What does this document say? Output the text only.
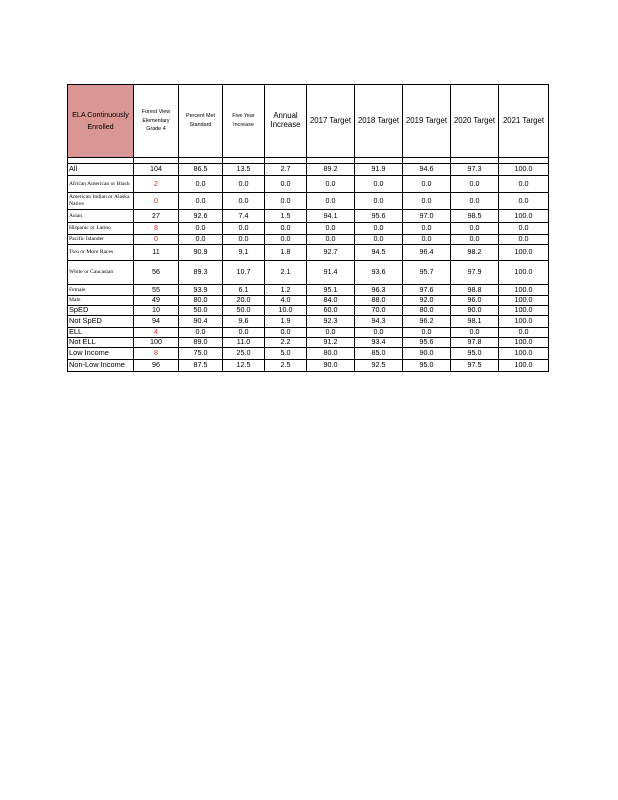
ELA Continuously Enrolled	Forest View Elementary Grade 4	Percent Met Standard	Five Year Increase	Annual Increase	2017 Target	2018 Target	2019 Target	2020 Target	2021 Target

All	104	86.5	13.5	2.7	89.2	91.9	94.6	97.3	100.0
African American or Black	2	0.0	0.0	0.0	0.0	0.0	0.0	0.0	0.0
American Indian or Alaska Native	0	0.0	0.0	0.0	0.0	0.0	0.0	0.0	0.0
Asian	27	92.6	7.4	1.5	94.1	95.6	97.0	98.5	100.0
Hispanic or Latino	8	0.0	0.0	0.0	0.0	0.0	0.0	0.0	0.0
Pacific Islander	0	0.0	0.0	0.0	0.0	0.0	0.0	0.0	0.0
Two or More Races	11	90.9	9.1	1.8	92.7	94.5	96.4	98.2	100.0
White or Caucasian	56	89.3	10.7	2.1	91.4	93.6	95.7	97.9	100.0
Female	55	93.9	6.1	1.2	95.1	96.3	97.6	98.8	100.0
Male	49	80.0	20.0	4.0	84.0	88.0	92.0	96.0	100.0
SpED	10	50.0	50.0	10.0	60.0	70.0	80.0	90.0	100.0
Not SpED	94	90.4	9.6	1.9	92.3	94.3	96.2	98.1	100.0
ELL	4	0.0	0.0	0.0	0.0	0.0	0.0	0.0	0.0
Not ELL	100	89.0	11.0	2.2	91.2	93.4	95.6	97.8	100.0
Low Income	8	75.0	25.0	5.0	80.0	85.0	90.0	95.0	100.0
Non-Low Income	96	87.5	12.5	2.5	90.0	92.5	95.0	97.5	100.0
